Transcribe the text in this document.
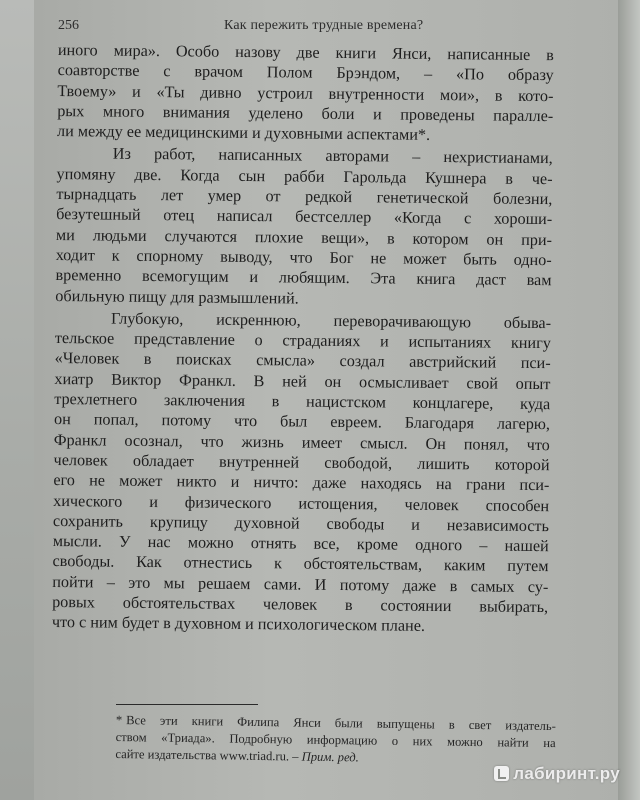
256	Как пережить трудные времена?
иного мира». Особо назову две книги Янси, написанные в
соавторстве с врачом Полом Брэндом, – «По образу
Твоему» и «Ты дивно устроил внутренности мои», в кото-
рых много внимания уделено боли и проведены паралле-
ли между ее медицинскими и духовными аспектами*.
Из работ, написанных авторами – нехристианами,
упомяну две. Когда сын рабби Гарольда Кушнера в че-
тырнадцать лет умер от редкой генетической болезни,
безутешный отец написал бестселлер «Когда с хороши-
ми людьми случаются плохие вещи», в котором он при-
ходит к спорному выводу, что Бог не может быть одно-
временно всемогущим и любящим. Эта книга даст вам
обильную пищу для размышлений.
Глубокую, искреннюю, переворачивающую обыва-
тельское представление о страданиях и испытаниях книгу
«Человек в поисках смысла» создал австрийский пси-
хиатр Виктор Франкл. В ней он осмысливает свой опыт
трехлетнего заключения в нацистском концлагере, куда
он попал, потому что был евреем. Благодаря лагерю,
Франкл осознал, что жизнь имеет смысл. Он понял, что
человек обладает внутренней свободой, лишить которой
его не может никто и ничто: даже находясь на грани пси-
хического и физического истощения, человек способен
сохранить крупицу духовной свободы и независимость
мысли. У нас можно отнять все, кроме одного – нашей
свободы. Как отнестись к обстоятельствам, каким путем
пойти – это мы решаем сами. И потому даже в самых су-
ровых обстоятельствах человек в состоянии выбирать,
что с ним будет в духовном и психологическом плане.
* Все эти книги Филипа Янси были выпущены в свет издатель-
ством «Триада». Подробную информацию о них можно найти на
сайте издательства www.triad.ru. – Прим. ред.
лабиринт.ру
